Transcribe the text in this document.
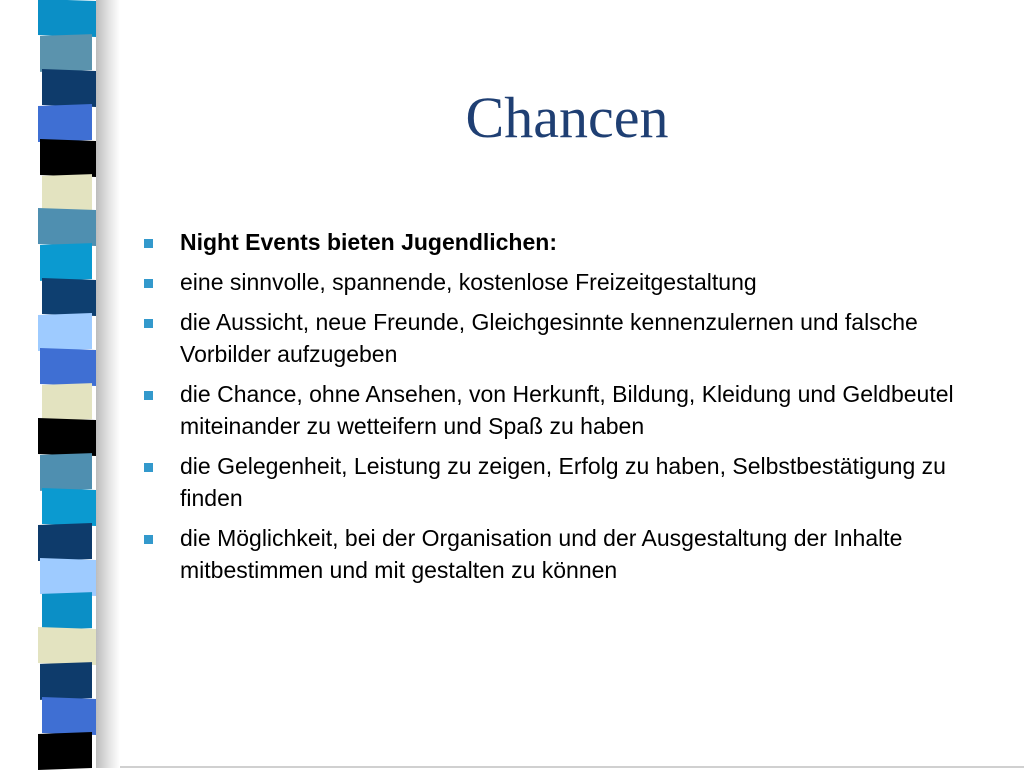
Chancen
Night Events bieten Jugendlichen:
eine sinnvolle, spannende, kostenlose Freizeitgestaltung
die Aussicht, neue Freunde, Gleichgesinnte kennenzulernen und falsche Vorbilder aufzugeben
die Chance, ohne Ansehen, von Herkunft, Bildung, Kleidung und Geldbeutel miteinander zu wetteifern und Spaß zu haben
die Gelegenheit, Leistung zu zeigen, Erfolg zu haben, Selbstbestätigung zu finden
die Möglichkeit, bei der Organisation und der Ausgestaltung der Inhalte mitbestimmen und mit gestalten zu können
